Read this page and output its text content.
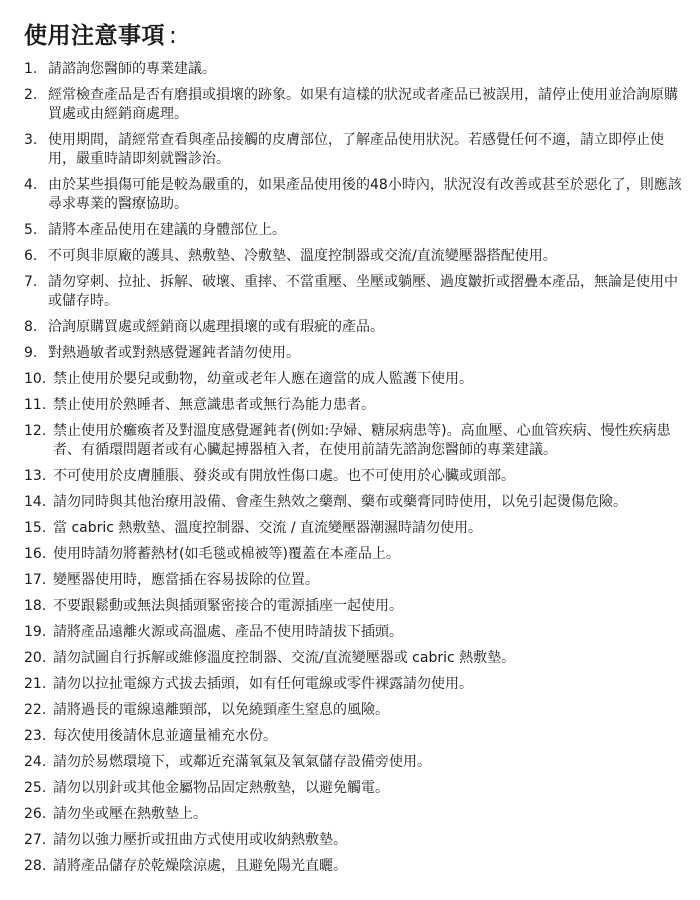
使用注意事項 :
1. 請諮詢您醫師的專業建議。
2. 經常檢查產品是否有磨損或損壞的跡象。如果有這樣的狀況或者產品已被誤用，請停止使用並洽詢原購買處或由經銷商處理。
3. 使用期間，請經常查看與產品接觸的皮膚部位，了解產品使用狀況。若感覺任何不適，請立即停止使用，嚴重時請即刻就醫診治。
4. 由於某些損傷可能是較為嚴重的，如果產品使用後的48小時內，狀況沒有改善或甚至於惡化了，則應該尋求專業的醫療協助。
5. 請將本產品使用在建議的身體部位上。
6. 不可與非原廠的護具、熱敷墊、冷敷墊、溫度控制器或交流/直流變壓器搭配使用。
7. 請勿穿刺、拉扯、拆解、破壞、重摔、不當重壓、坐壓或躺壓、過度皺折或摺疊本產品，無論是使用中或儲存時。
8. 洽詢原購買處或經銷商以處理損壞的或有瑕疵的產品。
9. 對熱過敏者或對熱感覺遲鈍者請勿使用。
10. 禁止使用於嬰兒或動物，幼童或老年人應在適當的成人監護下使用。
11. 禁止使用於熟睡者、無意識患者或無行為能力患者。
12. 禁止使用於癱瘓者及對溫度感覺遲鈍者(例如:孕婦、糖尿病患等)。高血壓、心血管疾病、慢性疾病患者、有循環問題者或有心臟起搏器植入者，在使用前請先諮詢您醫師的專業建議。
13. 不可使用於皮膚腫脹、發炎或有開放性傷口處。也不可使用於心臟或頭部。
14. 請勿同時與其他治療用設備、會產生熱效之藥劑、藥布或藥膏同時使用，以免引起燙傷危險。
15. 當 cabric 熱敷墊、溫度控制器、交流 / 直流變壓器潮濕時請勿使用。
16. 使用時請勿將蓄熱材(如毛毯或棉被等)覆蓋在本產品上。
17. 變壓器使用時，應當插在容易拔除的位置。
18. 不要跟鬆動或無法與插頭緊密接合的電源插座一起使用。
19. 請將產品遠離火源或高溫處、產品不使用時請拔下插頭。
20. 請勿試圖自行拆解或維修溫度控制器、交流/直流變壓器或 cabric 熱敷墊。
21. 請勿以拉扯電線方式拔去插頭，如有任何電線或零件裸露請勿使用。
22. 請將過長的電線遠離頸部，以免繞頸產生窒息的風險。
23. 每次使用後請休息並適量補充水份。
24. 請勿於易燃環境下，或鄰近充滿氧氣及氧氣儲存設備旁使用。
25. 請勿以別針或其他金屬物品固定熱敷墊，以避免觸電。
26. 請勿坐或壓在熱敷墊上。
27. 請勿以強力壓折或扭曲方式使用或收納熱敷墊。
28. 請將產品儲存於乾燥陰涼處，且避免陽光直曬。
